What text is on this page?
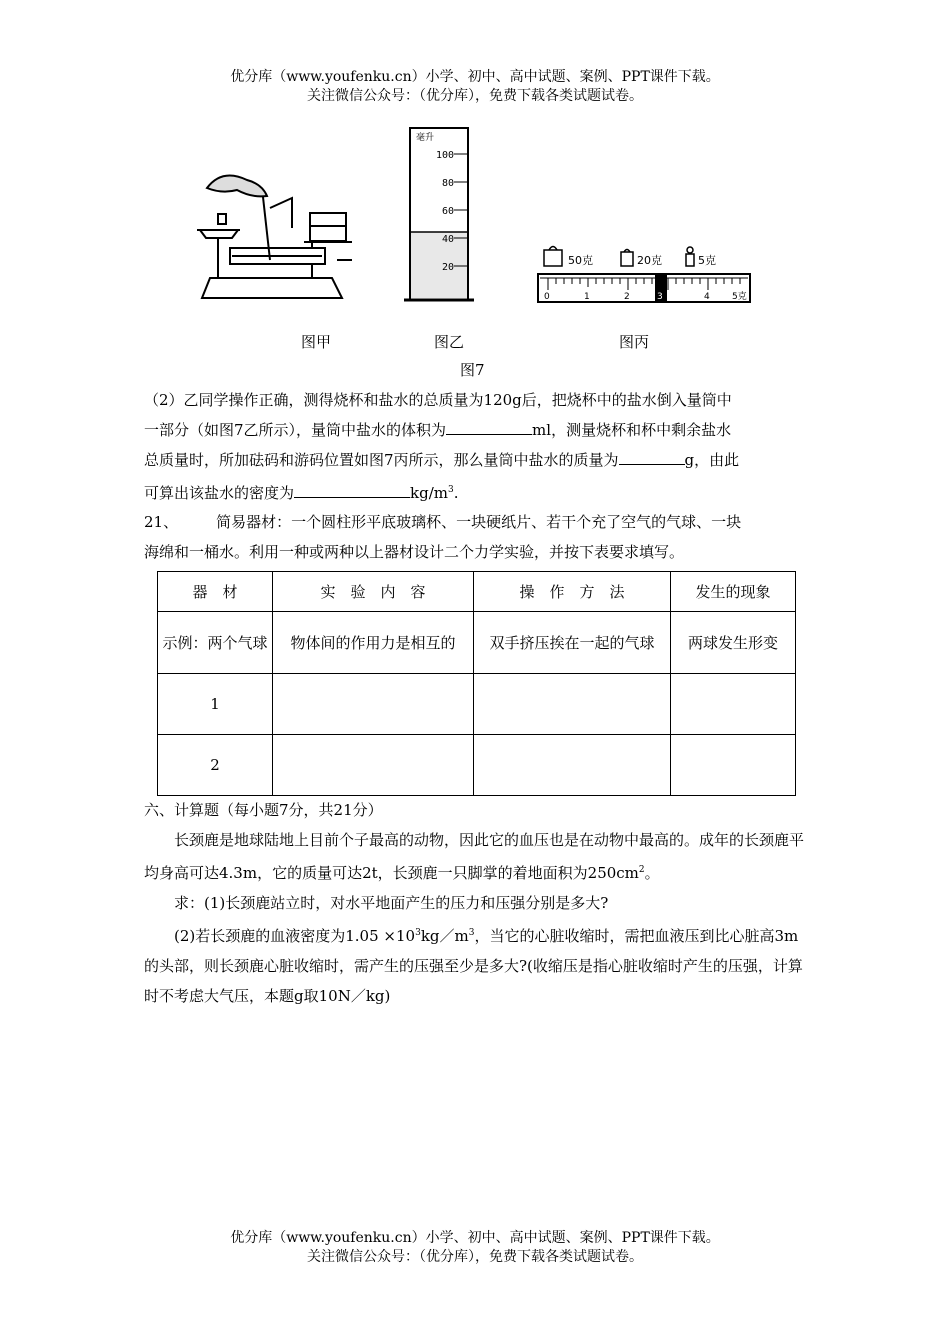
优分库（www.youfenku.cn）小学、初中、高中试题、案例、PPT课件下载。
关注微信公众号：（优分库），免费下载各类试题试卷。
毫升
100
80
60
40
20
50克	20克	5克
0	1	2	3	4 5克
图甲	图乙	图丙
图7
（2）乙同学操作正确，测得烧杯和盐水的总质量为120g后，把烧杯中的盐水倒入量筒中
一部分（如图7乙所示），量筒中盐水的体积为	ml，测量烧杯和杯中剩余盐水
总质量时，所加砝码和游码位置如图7丙所示，那么量筒中盐水的质量为	g，由此
可算出该盐水的密度为	$kg/m^3$.
21、	简易器材：一个圆柱形平底玻璃杯、一块硬纸片、若干个充了空气的气球、一块
海绵和一桶水。利用一种或两种以上器材设计二个力学实验，并按下表要求填写。
器　材	实　验　内　容	操　作　方　法	发生的现象
示例：两个气球	物体间的作用力是相互的	双手挤压挨在一起的气球	两球发生形变
1			
2			
六、计算题（每小题7分，共21分）
长颈鹿是地球陆地上目前个子最高的动物，因此它的血压也是在动物中最高的。成年的长颈鹿平均身高可达4.3m，它的质量可达2t，长颈鹿一只脚掌的着地面积为$250cm^2$。
求：(1)长颈鹿站立时，对水平地面产生的压力和压强分别是多大?
(2)若长颈鹿的血液密度为$1.05 \times 10^3kg/m^3$，当它的心脏收缩时，需把血液压到比心脏高3m的头部，则长颈鹿心脏收缩时，需产生的压强至少是多大?(收缩压是指心脏收缩时产生的压强，计算时不考虑大气压，本题g取10N／kg)
优分库（www.youfenku.cn）小学、初中、高中试题、案例、PPT课件下载。
关注微信公众号：（优分库），免费下载各类试题试卷。
